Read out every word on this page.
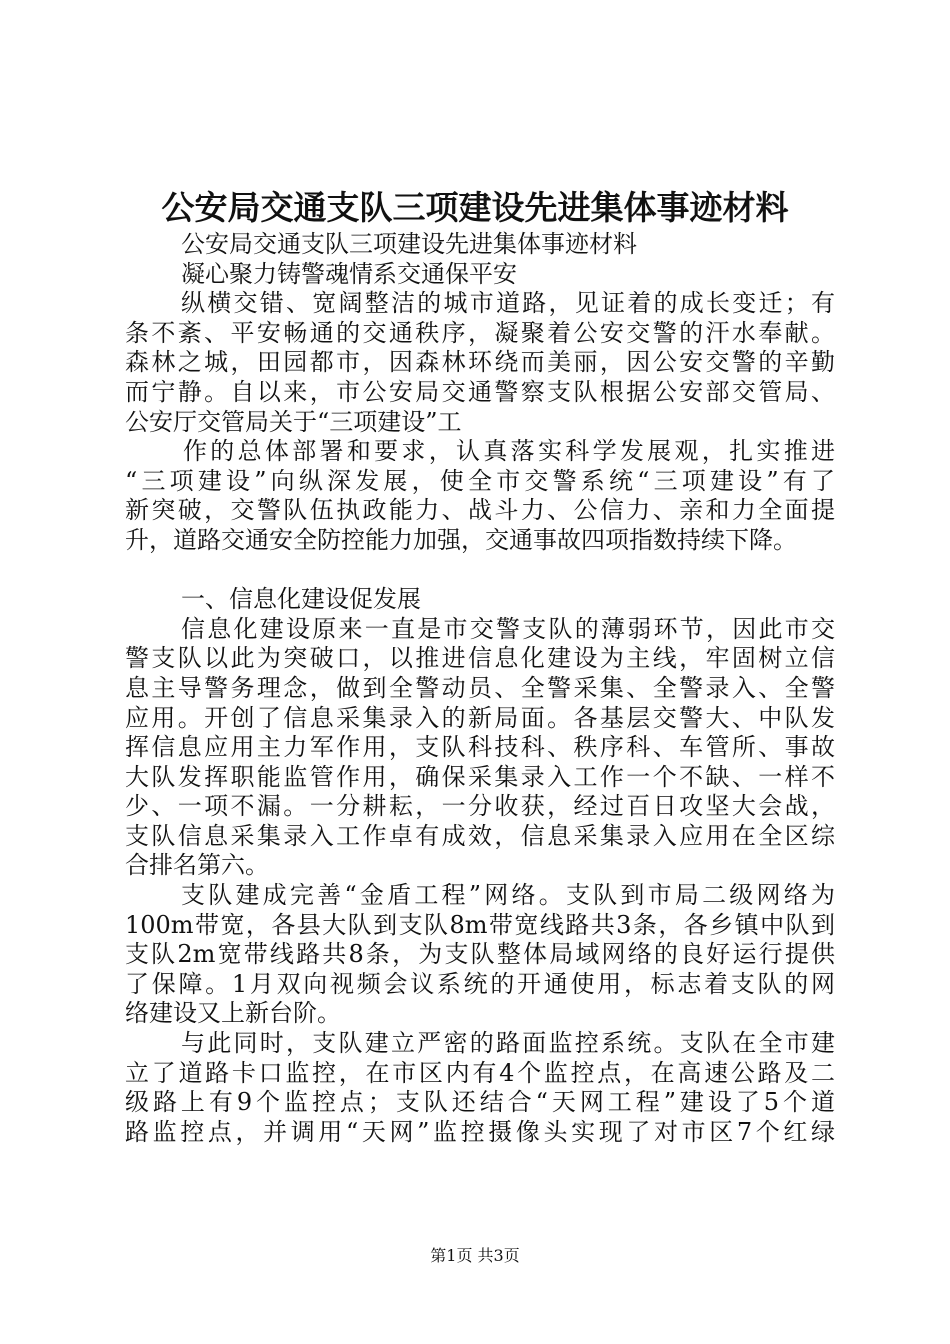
公安局交通支队三项建设先进集体事迹材料
公安局交通支队三项建设先进集体事迹材料
凝心聚力铸警魂情系交通保平安
纵横交错、宽阔整洁的城市道路，见证着的成长变迁；有
条不紊、平安畅通的交通秩序，凝聚着公安交警的汗水奉献。
森林之城，田园都市，因森林环绕而美丽，因公安交警的辛勤
而宁静。自以来，市公安局交通警察支队根据公安部交管局、
公安厅交管局关于“三项建设”工
作的总体部署和要求，认真落实科学发展观，扎实推进
“三项建设”向纵深发展，使全市交警系统“三项建设”有了
新突破，交警队伍执政能力、战斗力、公信力、亲和力全面提
升，道路交通安全防控能力加强，交通事故四项指数持续下降。
一、信息化建设促发展
信息化建设原来一直是市交警支队的薄弱环节，因此市交
警支队以此为突破口，以推进信息化建设为主线，牢固树立信
息主导警务理念，做到全警动员、全警采集、全警录入、全警
应用。开创了信息采集录入的新局面。各基层交警大、中队发
挥信息应用主力军作用，支队科技科、秩序科、车管所、事故
大队发挥职能监管作用，确保采集录入工作一个不缺、一样不
少、一项不漏。一分耕耘，一分收获，经过百日攻坚大会战，
支队信息采集录入工作卓有成效，信息采集录入应用在全区综
合排名第六。
支队建成完善“金盾工程”网络。支队到市局二级网络为
100m带宽，各县大队到支队8m带宽线路共3条，各乡镇中队到
支队2m宽带线路共8条，为支队整体局域网络的良好运行提供
了保障。1月双向视频会议系统的开通使用，标志着支队的网
络建设又上新台阶。
与此同时，支队建立严密的路面监控系统。支队在全市建
立了道路卡口监控，在市区内有4个监控点，在高速公路及二
级路上有9个监控点；支队还结合“天网工程”建设了5个道
路监控点，并调用“天网”监控摄像头实现了对市区7个红绿
第1页 共3页
